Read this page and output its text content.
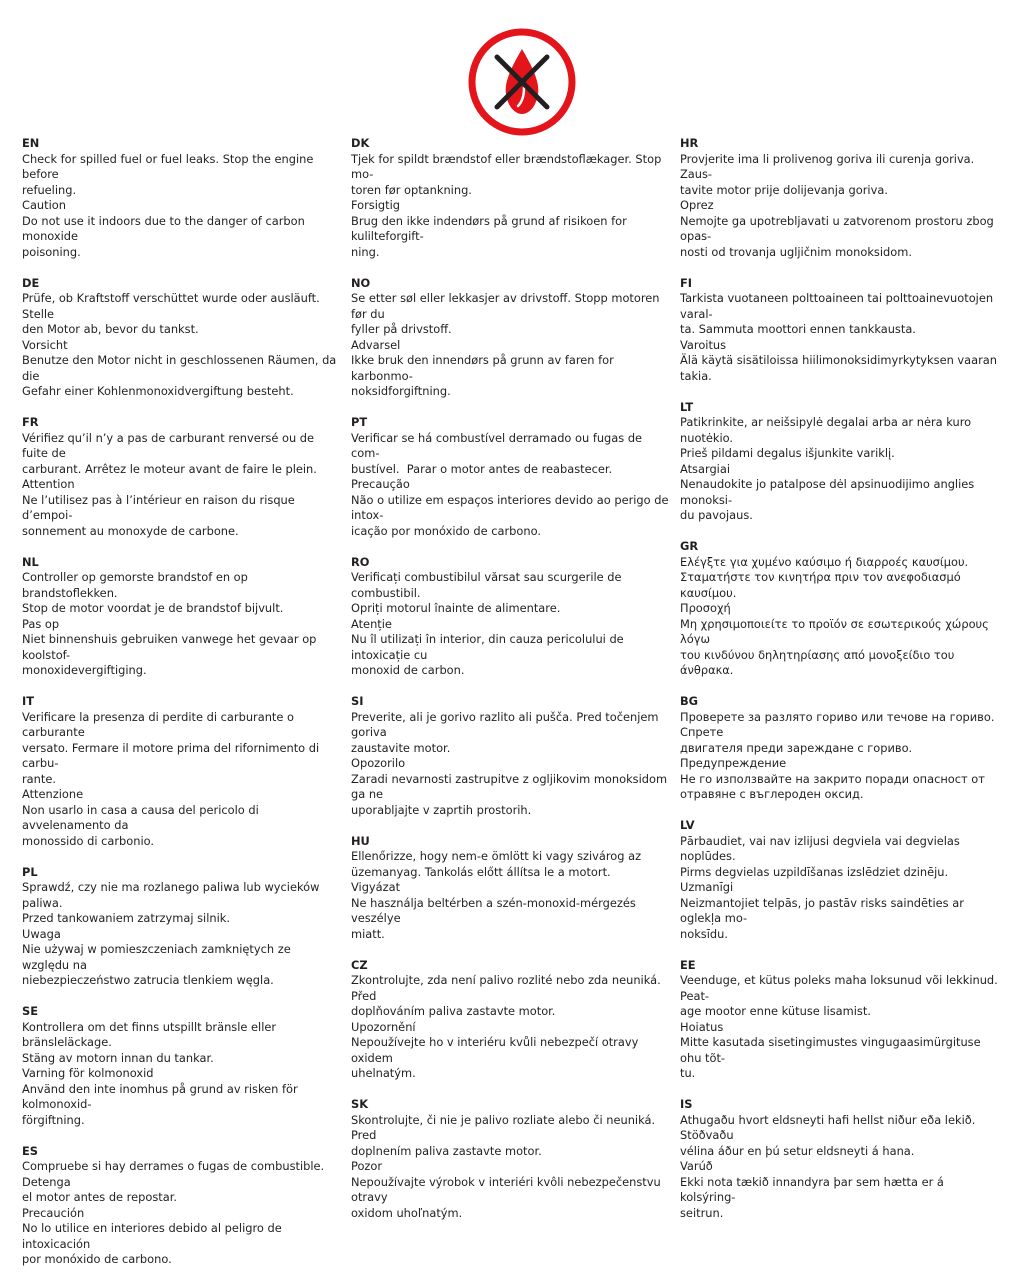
EN
Check for spilled fuel or fuel leaks. Stop the engine before
refueling.
Caution
Do not use it indoors due to the danger of carbon monoxide
poisoning.
DE
Prüfe, ob Kraftstoff verschüttet wurde oder ausläuft. Stelle
den Motor ab, bevor du tankst.
Vorsicht
Benutze den Motor nicht in geschlossenen Räumen, da die
Gefahr einer Kohlenmonoxidvergiftung besteht.
FR
Vérifiez qu’il n’y a pas de carburant renversé ou de fuite de
carburant. Arrêtez le moteur avant de faire le plein.
Attention
Ne l’utilisez pas à l’intérieur en raison du risque d’empoi-
sonnement au monoxyde de carbone.
NL
Controller op gemorste brandstof en op brandstoflekken.
Stop de motor voordat je de brandstof bijvult.
Pas op
Niet binnenshuis gebruiken vanwege het gevaar op koolstof-
monoxidevergiftiging.
IT
Verificare la presenza di perdite di carburante o carburante
versato. Fermare il motore prima del rifornimento di carbu-
rante.
Attenzione
Non usarlo in casa a causa del pericolo di avvelenamento da
monossido di carbonio.
PL
Sprawdź, czy nie ma rozlanego paliwa lub wycieków paliwa.
Przed tankowaniem zatrzymaj silnik.
Uwaga
Nie używaj w pomieszczeniach zamkniętych ze względu na
niebezpieczeństwo zatrucia tlenkiem węgla.
SE
Kontrollera om det finns utspillt bränsle eller bränsleläckage.
Stäng av motorn innan du tankar.
Varning för kolmonoxid
Använd den inte inomhus på grund av risken för kolmonoxid-
förgiftning.
ES
Compruebe si hay derrames o fugas de combustible. Detenga
el motor antes de repostar.
Precaución
No lo utilice en interiores debido al peligro de intoxicación
por monóxido de carbono.
DK
Tjek for spildt brændstof eller brændstoflækager. Stop mo-
toren før optankning.
Forsigtig
Brug den ikke indendørs på grund af risikoen for kulilteforgift-
ning.
NO
Se etter søl eller lekkasjer av drivstoff. Stopp motoren før du
fyller på drivstoff.
Advarsel
Ikke bruk den innendørs på grunn av faren for karbonmo-
noksidforgiftning.
PT
Verificar se há combustível derramado ou fugas de com-
bustível.  Parar o motor antes de reabastecer.
Precaução
Não o utilize em espaços interiores devido ao perigo de intox-
icação por monóxido de carbono.
RO
Verificați combustibilul vărsat sau scurgerile de combustibil.
Opriți motorul înainte de alimentare.
Atenție
Nu îl utilizați în interior, din cauza pericolului de intoxicație cu
monoxid de carbon.
SI
Preverite, ali je gorivo razlito ali pušča. Pred točenjem goriva
zaustavite motor.
Opozorilo
Zaradi nevarnosti zastrupitve z ogljikovim monoksidom ga ne
uporabljajte v zaprtih prostorih.
HU
Ellenőrizze, hogy nem-e ömlött ki vagy szivárog az
üzemanyag. Tankolás előtt állítsa le a motort.
Vigyázat
Ne használja beltérben a szén-monoxid-mérgezés veszélye
miatt.
CZ
Zkontrolujte, zda není palivo rozlité nebo zda neuniká. Před
doplňováním paliva zastavte motor.
Upozornění
Nepoužívejte ho v interiéru kvůli nebezpečí otravy oxidem
uhelnatým.
SK
Skontrolujte, či nie je palivo rozliate alebo či neuniká. Pred
doplnením paliva zastavte motor.
Pozor
Nepoužívajte výrobok v interiéri kvôli nebezpečenstvu otravy
oxidom uhoľnatým.
HR
Provjerite ima li prolivenog goriva ili curenja goriva. Zaus-
tavite motor prije dolijevanja goriva.
Oprez
Nemojte ga upotrebljavati u zatvorenom prostoru zbog opas-
nosti od trovanja ugljičnim monoksidom.
FI
Tarkista vuotaneen polttoaineen tai polttoainevuotojen varal-
ta. Sammuta moottori ennen tankkausta.
Varoitus
Älä käytä sisätiloissa hiilimonoksidimyrkytyksen vaaran takia.
LT
Patikrinkite, ar neišsipylė degalai arba ar nėra kuro nuotėkio.
Prieš pildami degalus išjunkite variklį.
Atsargiai
Nenaudokite jo patalpose dėl apsinuodijimo anglies monoksi-
du pavojaus.
GR
Ελέγξτε για χυμένο καύσιμο ή διαρροές καυσίμου.
Σταματήστε τον κινητήρα πριν τον ανεφοδιασμό καυσίμου.
Προσοχή
Μη χρησιμοποιείτε το προϊόν σε εσωτερικούς χώρους λόγω
του κινδύνου δηλητηρίασης από μονοξείδιο του άνθρακα.
BG
Проверете за разлято гориво или течове на гориво. Спрете
двигателя преди зареждане с гориво.
Предупреждение
Не го използвайте на закрито поради опасност от
отравяне с въглероден оксид.
LV
Pārbaudiet, vai nav izlijusi degviela vai degvielas noplūdes.
Pirms degvielas uzpildīšanas izslēdziet dzinēju.
Uzmanīgi
Neizmantojiet telpās, jo pastāv risks saindēties ar oglekļa mo-
noksīdu.
EE
Veenduge, et kütus poleks maha loksunud või lekkinud. Peat-
age mootor enne kütuse lisamist.
Hoiatus
Mitte kasutada sisetingimustes vingugaasimürgituse ohu tõt-
tu.
IS
Athugaðu hvort eldsneyti hafi hellst niður eða lekið. Stöðvaðu
vélina áður en þú setur eldsneyti á hana.
Varúð
Ekki nota tækið innandyra þar sem hætta er á kolsýring-
seitrun.
